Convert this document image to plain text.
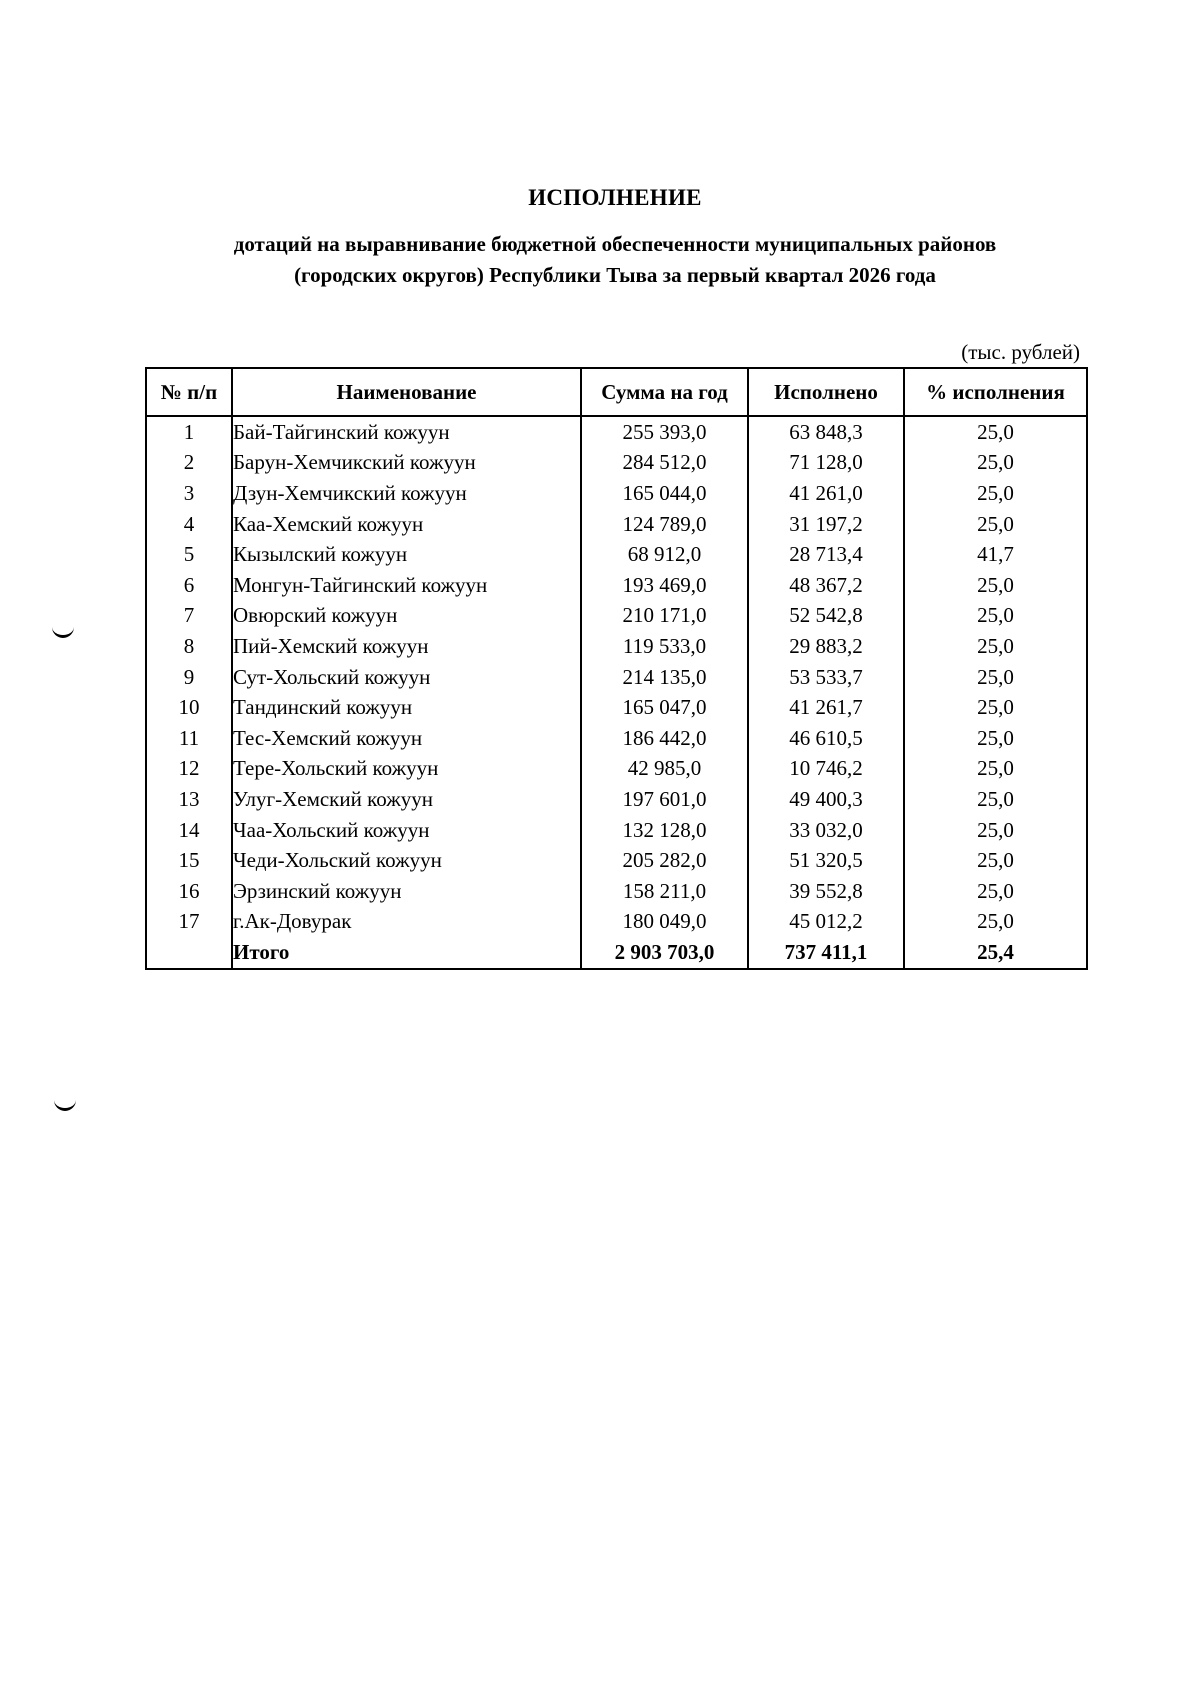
ИСПОЛНЕНИЕ
дотаций на выравнивание бюджетной обеспеченности муниципальных районов
(городских округов) Республики Тыва за первый квартал 2026 года
(тыс. рублей)
№ п/п	Наименование	Сумма на год	Исполнено	% исполнения
1	Бай-Тайгинский кожуун	255 393,0	63 848,3	25,0
2	Барун-Хемчикский кожуун	284 512,0	71 128,0	25,0
3	Дзун-Хемчикский кожуун	165 044,0	41 261,0	25,0
4	Каа-Хемский кожуун	124 789,0	31 197,2	25,0
5	Кызылский кожуун	68 912,0	28 713,4	41,7
6	Монгун-Тайгинский кожуун	193 469,0	48 367,2	25,0
7	Овюрский кожуун	210 171,0	52 542,8	25,0
8	Пий-Хемский кожуун	119 533,0	29 883,2	25,0
9	Сут-Хольский кожуун	214 135,0	53 533,7	25,0
10	Тандинский кожуун	165 047,0	41 261,7	25,0
11	Тес-Хемский кожуун	186 442,0	46 610,5	25,0
12	Тере-Хольский кожуун	42 985,0	10 746,2	25,0
13	Улуг-Хемский кожуун	197 601,0	49 400,3	25,0
14	Чаа-Хольский кожуун	132 128,0	33 032,0	25,0
15	Чеди-Хольский кожуун	205 282,0	51 320,5	25,0
16	Эрзинский кожуун	158 211,0	39 552,8	25,0
17	г.Ак-Довурак	180 049,0	45 012,2	25,0
	Итого	2 903 703,0	737 411,1	25,4
